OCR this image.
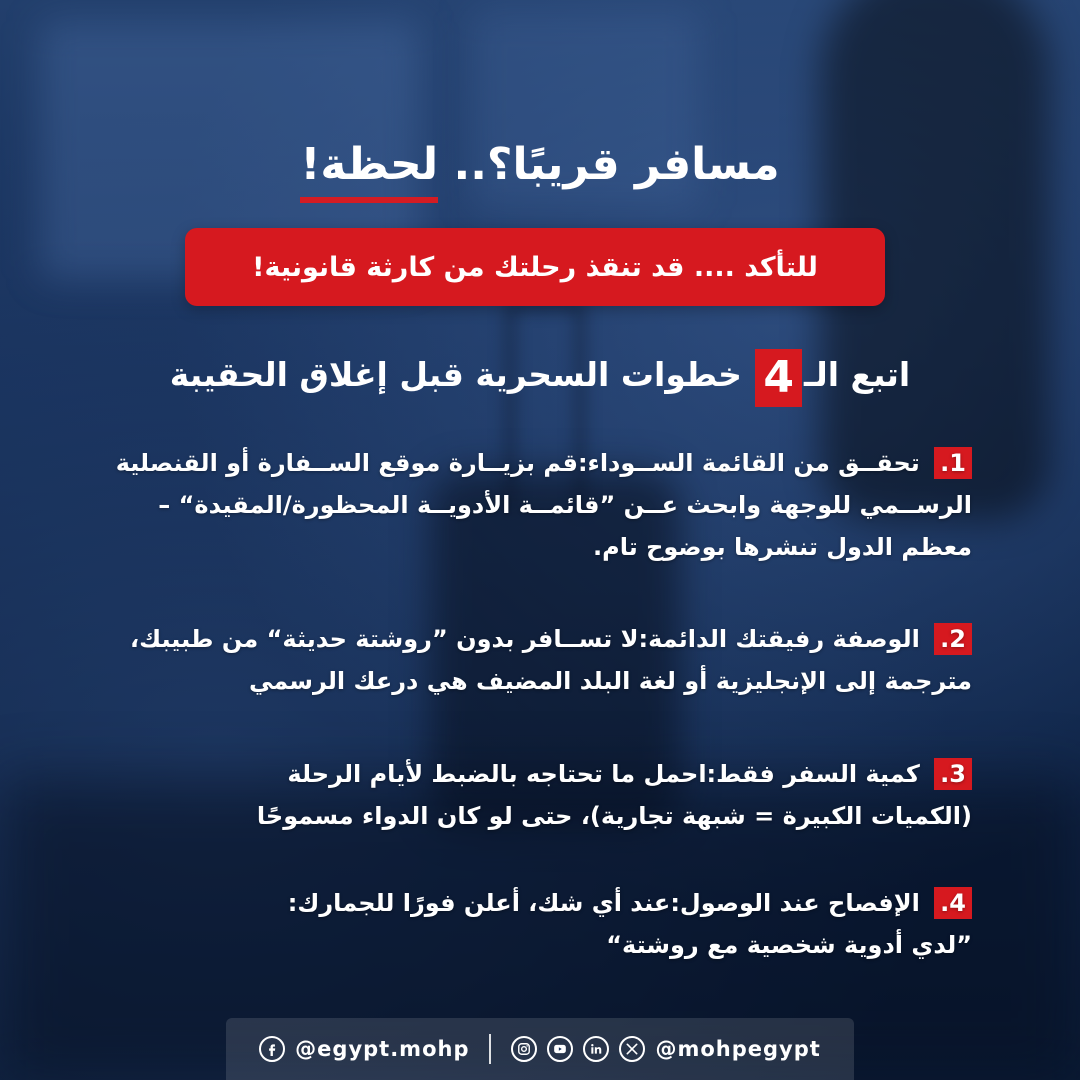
مسافر قريبًا؟.. لحظة!
للتأكد .... قد تنقذ رحلتك من كارثة قانونية!
اتبع الـ4 خطوات السحرية قبل إغلاق الحقيبة

1. تحقــق من القائمة الســوداء:قم بزيــارة موقع الســفارة أو القنصلية الرســمي للوجهة وابحث عــن ”قائمــة الأدويــة المحظورة/المقيدة“ – معظم الدول تنشرها بوضوح تام.

2. الوصفة رفيقتك الدائمة:لا تســافر بدون ”روشتة حديثة“ من طبيبك، مترجمة إلى الإنجليزية أو لغة البلد المضيف هي درعك الرسمي

3. كمية السفر فقط:احمل ما تحتاجه بالضبط لأيام الرحلة
(الكميات الكبيرة = شبهة تجارية)، حتى لو كان الدواء مسموحًا

4. الإفصاح عند الوصول:عند أي شك، أعلن فورًا للجمارك:
”لدي أدوية شخصية مع روشتة“

@egypt.mohp	@mohpegypt
